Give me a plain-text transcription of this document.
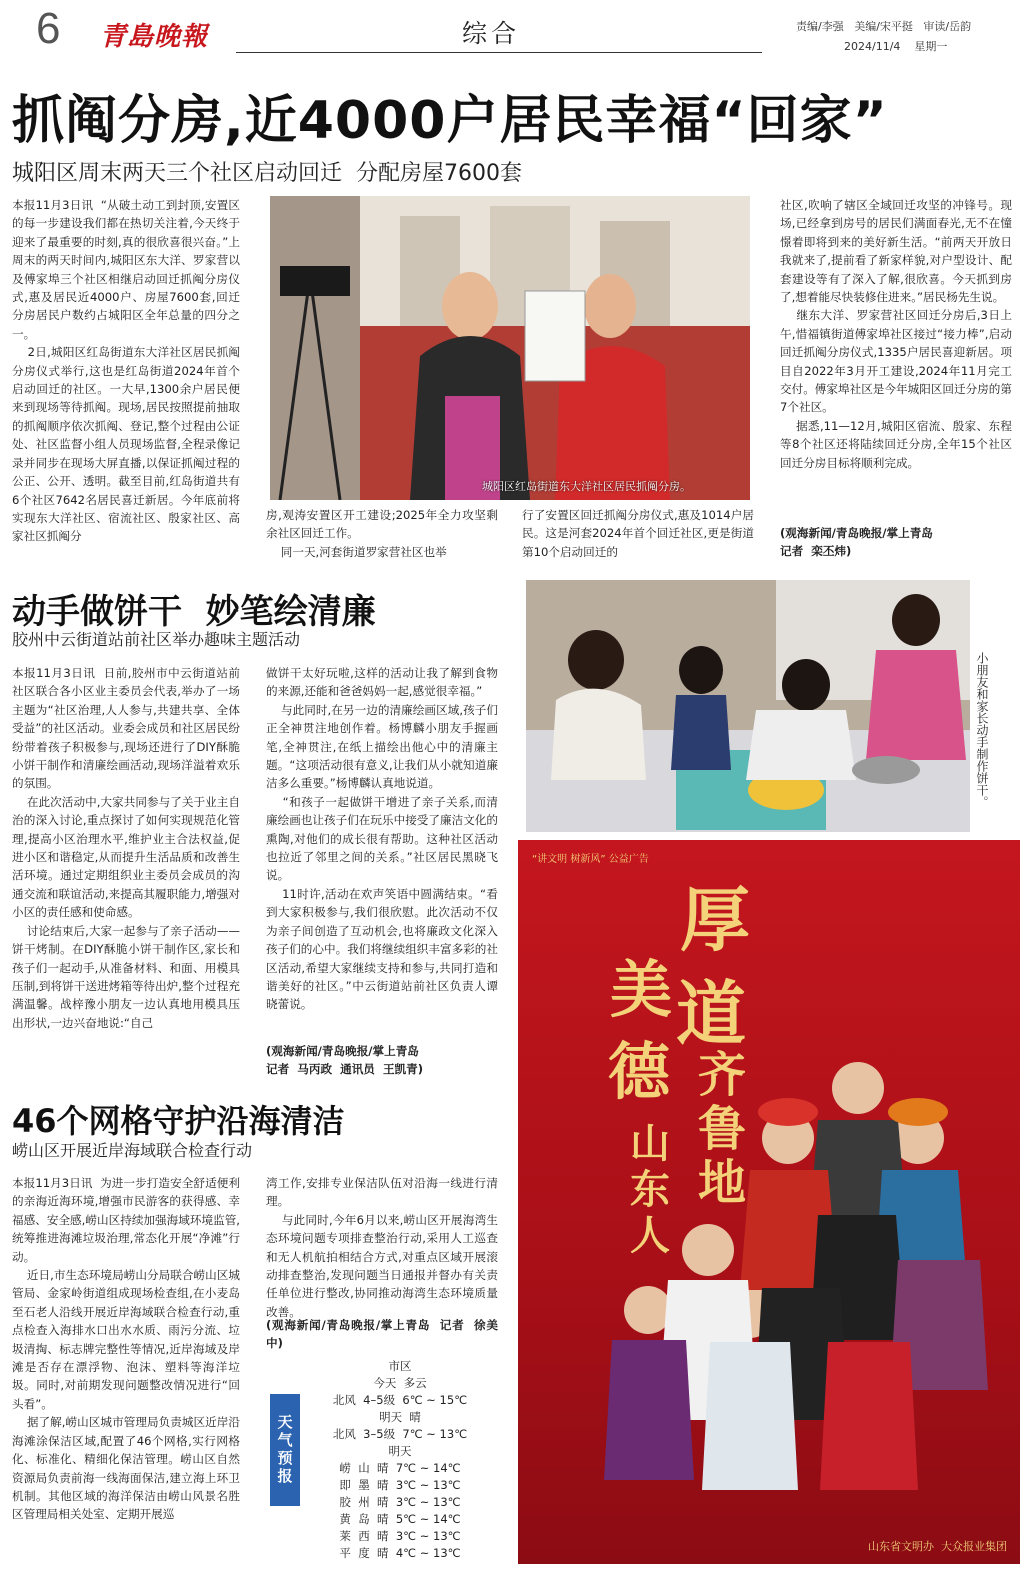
6 青島晚報	综合	责编/李强   美编/宋平挺   审读/岳韵
2024/11/4    星期一
抓阄分房,近4000户居民幸福“回家”
城阳区周末两天三个社区启动回迁  分配房屋7600套
本报11月3日讯  “从破土动工到封顶,安置区的每一步建设我们都在热切关注着,今天终于迎来了最重要的时刻,真的很欣喜很兴奋。”上周末的两天时间内,城阳区东大洋、罗家营以及傅家埠三个社区相继启动回迁抓阄分房仪式,惠及居民近4000户、房屋7600套,回迁分房居民户数约占城阳区全年总量的四分之一。
2日,城阳区红岛街道东大洋社区居民抓阄分房仪式举行,这也是红岛街道2024年首个启动回迁的社区。一大早,1300余户居民便来到现场等待抓阄。现场,居民按照提前抽取的抓阄顺序依次抓阄、登记,整个过程由公证处、社区监督小组人员现场监督,全程录像记录并同步在现场大屏直播,以保证抓阄过程的公正、公开、透明。截至目前,红岛街道共有6个社区7642名居民喜迁新居。今年底前将实现东大洋社区、宿流社区、殷家社区、高家社区抓阄分
城阳区红岛街道东大洋社区居民抓阄分房。
房,观涛安置区开工建设;2025年全力攻坚剩余社区回迁工作。
同一天,河套街道罗家营社区也举
行了安置区回迁抓阄分房仪式,惠及1014户居民。这是河套2024年首个回迁社区,更是街道第10个启动回迁的
社区,吹响了辖区全域回迁攻坚的冲锋号。现场,已经拿到房号的居民们满面春光,无不在憧憬着即将到来的美好新生活。“前两天开放日我就来了,提前看了新家样貌,对户型设计、配套建设等有了深入了解,很欣喜。今天抓到房了,想着能尽快装修住进来。”居民杨先生说。
继东大洋、罗家营社区回迁分房后,3日上午,惜福镇街道傅家埠社区接过“接力棒”,启动回迁抓阄分房仪式,1335户居民喜迎新居。项目自2022年3月开工建设,2024年11月完工交付。傅家埠社区是今年城阳区回迁分房的第7个社区。
据悉,11—12月,城阳区宿流、殷家、东程等8个社区还将陆续回迁分房,全年15个社区回迁分房目标将顺利完成。
(观海新闻/青岛晚报/掌上青岛
记者  栾丕炜)
动手做饼干  妙笔绘清廉
胶州中云街道站前社区举办趣味主题活动
本报11月3日讯  日前,胶州市中云街道站前社区联合各小区业主委员会代表,举办了一场主题为“社区治理,人人参与,共建共享、全体受益”的社区活动。业委会成员和社区居民纷纷带着孩子积极参与,现场还进行了DIY酥脆小饼干制作和清廉绘画活动,现场洋溢着欢乐的氛围。
在此次活动中,大家共同参与了关于业主自治的深入讨论,重点探讨了如何实现规范化管理,提高小区治理水平,维护业主合法权益,促进小区和谐稳定,从而提升生活品质和改善生活环境。通过定期组织业主委员会成员的沟通交流和联谊活动,来提高其履职能力,增强对小区的责任感和使命感。
讨论结束后,大家一起参与了亲子活动——饼干烤制。在DIY酥脆小饼干制作区,家长和孩子们一起动手,从准备材料、和面、用模具压制,到将饼干送进烤箱等待出炉,整个过程充满温馨。战梓豫小朋友一边认真地用模具压出形状,一边兴奋地说:“自己
做饼干太好玩啦,这样的活动让我了解到食物的来源,还能和爸爸妈妈一起,感觉很幸福。”
与此同时,在另一边的清廉绘画区域,孩子们正全神贯注地创作着。杨博麟小朋友手握画笔,全神贯注,在纸上描绘出他心中的清廉主题。“这项活动很有意义,让我们从小就知道廉洁多么重要。”杨博麟认真地说道。
“和孩子一起做饼干增进了亲子关系,而清廉绘画也让孩子们在玩乐中接受了廉洁文化的熏陶,对他们的成长很有帮助。这种社区活动也拉近了邻里之间的关系。”社区居民黑晓飞说。
11时许,活动在欢声笑语中圆满结束。“看到大家积极参与,我们很欣慰。此次活动不仅为亲子间创造了互动机会,也将廉政文化深入孩子们的心中。我们将继续组织丰富多彩的社区活动,希望大家继续支持和参与,共同打造和谐美好的社区。”中云街道站前社区负责人谭晓蕾说。
(观海新闻/青岛晚报/掌上青岛
记者  马丙政  通讯员  王凯青)
小朋友和家长动手制作饼干。
46个网格守护沿海清洁
崂山区开展近岸海域联合检查行动
本报11月3日讯  为进一步打造安全舒适便利的亲海近海环境,增强市民游客的获得感、幸福感、安全感,崂山区持续加强海域环境监管,统筹推进海滩垃圾治理,常态化开展“净滩”行动。
近日,市生态环境局崂山分局联合崂山区城管局、金家岭街道组成现场检查组,在小麦岛至石老人沿线开展近岸海域联合检查行动,重点检查入海排水口出水水质、雨污分流、垃圾清掏、标志牌完整性等情况,近岸海域及岸滩是否存在漂浮物、泡沫、塑料等海洋垃圾。同时,对前期发现问题整改情况进行“回头看”。
据了解,崂山区城市管理局负责城区近岸沿海滩涂保洁区域,配置了46个网格,实行网格化、标准化、精细化保洁管理。崂山区自然资源局负责前海一线海面保洁,建立海上环卫机制。其他区域的海洋保洁由崂山风景名胜区管理局相关处室、定期开展巡
湾工作,安排专业保洁队伍对沿海一线进行清理。
与此同时,今年6月以来,崂山区开展海湾生态环境问题专项排查整治行动,采用人工巡查和无人机航拍相结合方式,对重点区域开展滚动排查整治,发现问题当日通报并督办有关责任单位进行整改,协同推动海湾生态环境质量改善。
(观海新闻/青岛晚报/掌上青岛  记者  徐美中)
天气预报
市区
今天  多云
北风  4–5级  6℃ ~ 15℃
明天  晴
北风  3–5级  7℃ ~ 13℃
明天
崂  山  晴  7℃ ~ 14℃
即  墨  晴  3℃ ~ 13℃
胶  州  晴  3℃ ~ 13℃
黄  岛  晴  5℃ ~ 14℃
莱  西  晴  3℃ ~ 13℃
平  度  晴  4℃ ~ 13℃
“讲文明 树新风” 公益广告
厚
道
美
德 齐
鲁
地
山
东
人
山东省文明办  大众报业集团
